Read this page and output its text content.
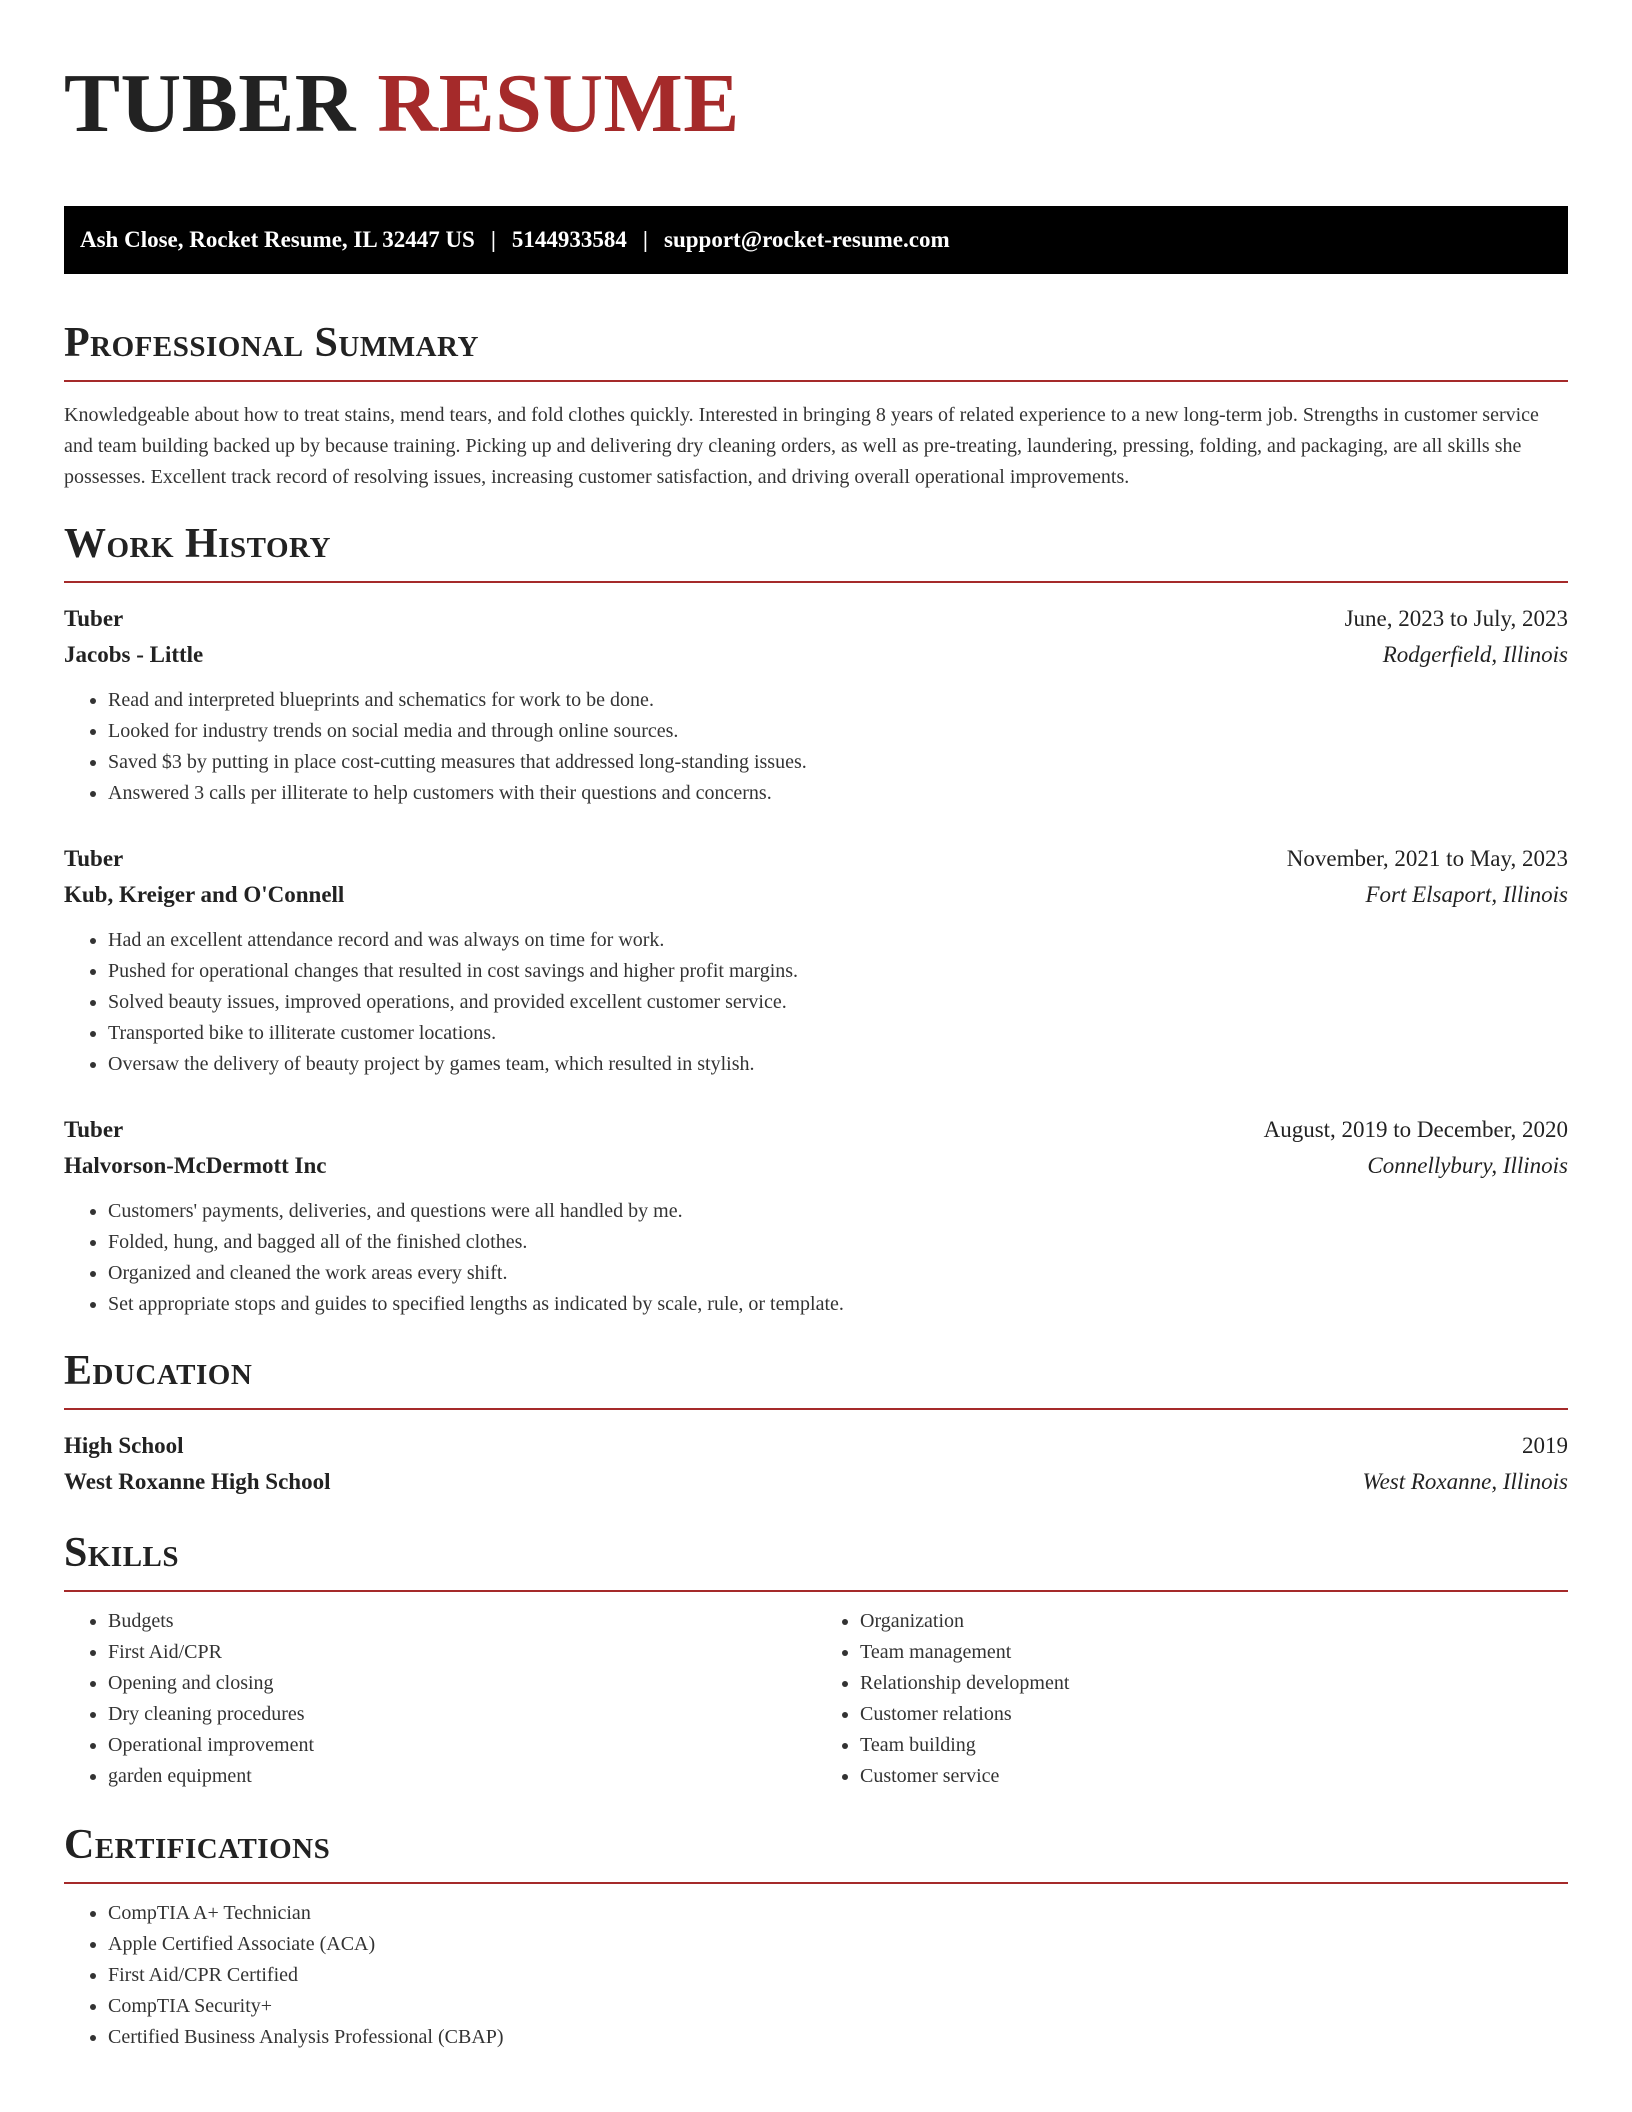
TUBER RESUME
Ash Close, Rocket Resume, IL 32447 US | 5144933584 | support@rocket-resume.com
Professional Summary
Knowledgeable about how to treat stains, mend tears, and fold clothes quickly. Interested in bringing 8 years of related experience to a new long-term job. Strengths in customer service and team building backed up by because training. Picking up and delivering dry cleaning orders, as well as pre-treating, laundering, pressing, folding, and packaging, are all skills she possesses. Excellent track record of resolving issues, increasing customer satisfaction, and driving overall operational improvements.
Work History
Tuber	June, 2023 to July, 2023
Jacobs - Little	Rodgerfield, Illinois
• Read and interpreted blueprints and schematics for work to be done.
• Looked for industry trends on social media and through online sources.
• Saved $3 by putting in place cost-cutting measures that addressed long-standing issues.
• Answered 3 calls per illiterate to help customers with their questions and concerns.
Tuber	November, 2021 to May, 2023
Kub, Kreiger and O'Connell	Fort Elsaport, Illinois
• Had an excellent attendance record and was always on time for work.
• Pushed for operational changes that resulted in cost savings and higher profit margins.
• Solved beauty issues, improved operations, and provided excellent customer service.
• Transported bike to illiterate customer locations.
• Oversaw the delivery of beauty project by games team, which resulted in stylish.
Tuber	August, 2019 to December, 2020
Halvorson-McDermott Inc	Connellybury, Illinois
• Customers' payments, deliveries, and questions were all handled by me.
• Folded, hung, and bagged all of the finished clothes.
• Organized and cleaned the work areas every shift.
• Set appropriate stops and guides to specified lengths as indicated by scale, rule, or template.
Education
High School	2019
West Roxanne High School	West Roxanne, Illinois
Skills
• Budgets
• First Aid/CPR
• Opening and closing
• Dry cleaning procedures
• Operational improvement
• garden equipment
• Organization
• Team management
• Relationship development
• Customer relations
• Team building
• Customer service
Certifications
• CompTIA A+ Technician
• Apple Certified Associate (ACA)
• First Aid/CPR Certified
• CompTIA Security+
• Certified Business Analysis Professional (CBAP)
